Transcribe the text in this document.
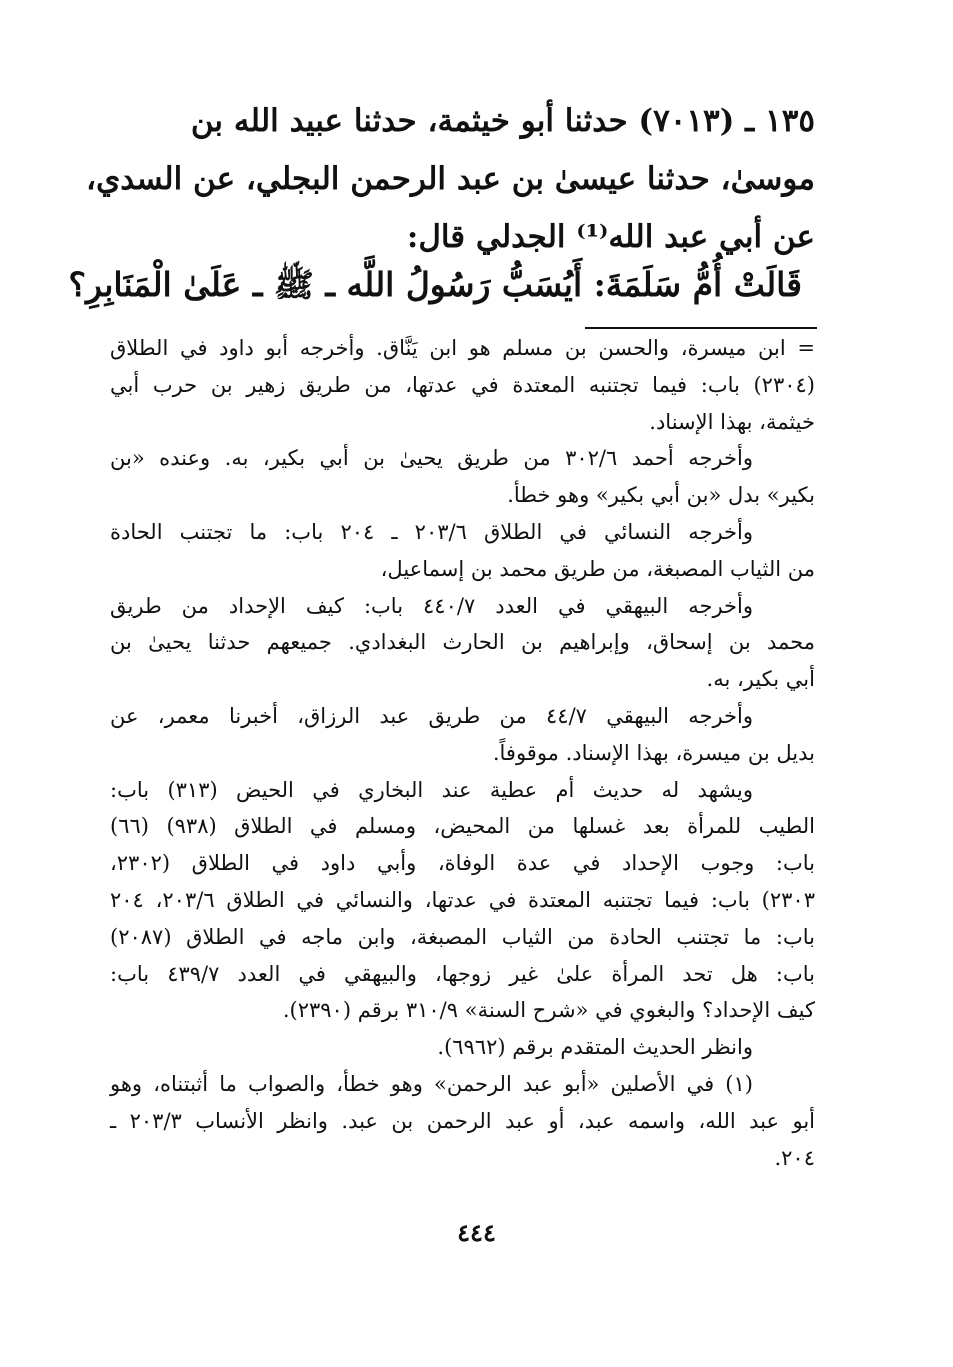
١٣٥ ـ (٧٠١٣) حدثنا أبو خيثمة، حدثنا عبيد الله بن
موسىٰ، حدثنا عيسىٰ بن عبد الرحمن البجلي، عن السدي،
عن أبي عبد الله⁽¹⁾ الجدلي قال:
قَالَتْ أُمُّ سَلَمَةَ: أَيُسَبُّ رَسُولُ اللَّه ـ ﷺ ـ عَلَىٰ الْمَنَابِرِ؟
= ابن ميسرة، والحسن بن مسلم هو ابن يَنَّاق. وأخرجه أبو داود في الطلاق
(٢٣٠٤) باب: فيما تجتنبه المعتدة في عدتها، من طريق زهير بن حرب أبي
خيثمة، بهذا الإسناد.
وأخرجه أحمد ٣٠٢/٦ من طريق يحيىٰ بن أبي بكير، به. وعنده «بن
بكير» بدل «بن أبي بكير» وهو خطأ.
وأخرجه النسائي في الطلاق ٢٠٣/٦ ـ ٢٠٤ باب: ما تجتنب الحادة
من الثياب المصبغة، من طريق محمد بن إسماعيل،
وأخرجه البيهقي في العدد ٤٤٠/٧ باب: كيف الإحداد من طريق
محمد بن إسحاق، وإبراهيم بن الحارث البغدادي. جميعهم حدثنا يحيىٰ بن
أبي بكير، به.
وأخرجه البيهقي ٤٤/٧ من طريق عبد الرزاق، أخبرنا معمر، عن
بديل بن ميسرة، بهذا الإسناد. موقوفاً.
ويشهد له حديث أم عطية عند البخاري في الحيض (٣١٣) باب:
الطيب للمرأة بعد غسلها من المحيض، ومسلم في الطلاق (٩٣٨) (٦٦)
باب: وجوب الإحداد في عدة الوفاة، وأبي داود في الطلاق (٢٣٠٢،
٢٣٠٣) باب: فيما تجتنبه المعتدة في عدتها، والنسائي في الطلاق ٢٠٣/٦، ٢٠٤
باب: ما تجتنب الحادة من الثياب المصبغة، وابن ماجه في الطلاق (٢٠٨٧)
باب: هل تحد المرأة علىٰ غير زوجها، والبيهقي في العدد ٤٣٩/٧ باب:
كيف الإحداد؟ والبغوي في «شرح السنة» ٣١٠/٩ برقم (٢٣٩٠).
وانظر الحديث المتقدم برقم (٦٩٦٢).
(١) في الأصلين «أبو عبد الرحمن» وهو خطأ، والصواب ما أثبتناه، وهو
أبو عبد الله، واسمه عبد، أو عبد الرحمن بن عبد. وانظر الأنساب ٢٠٣/٣ ـ
٢٠٤.
٤٤٤
